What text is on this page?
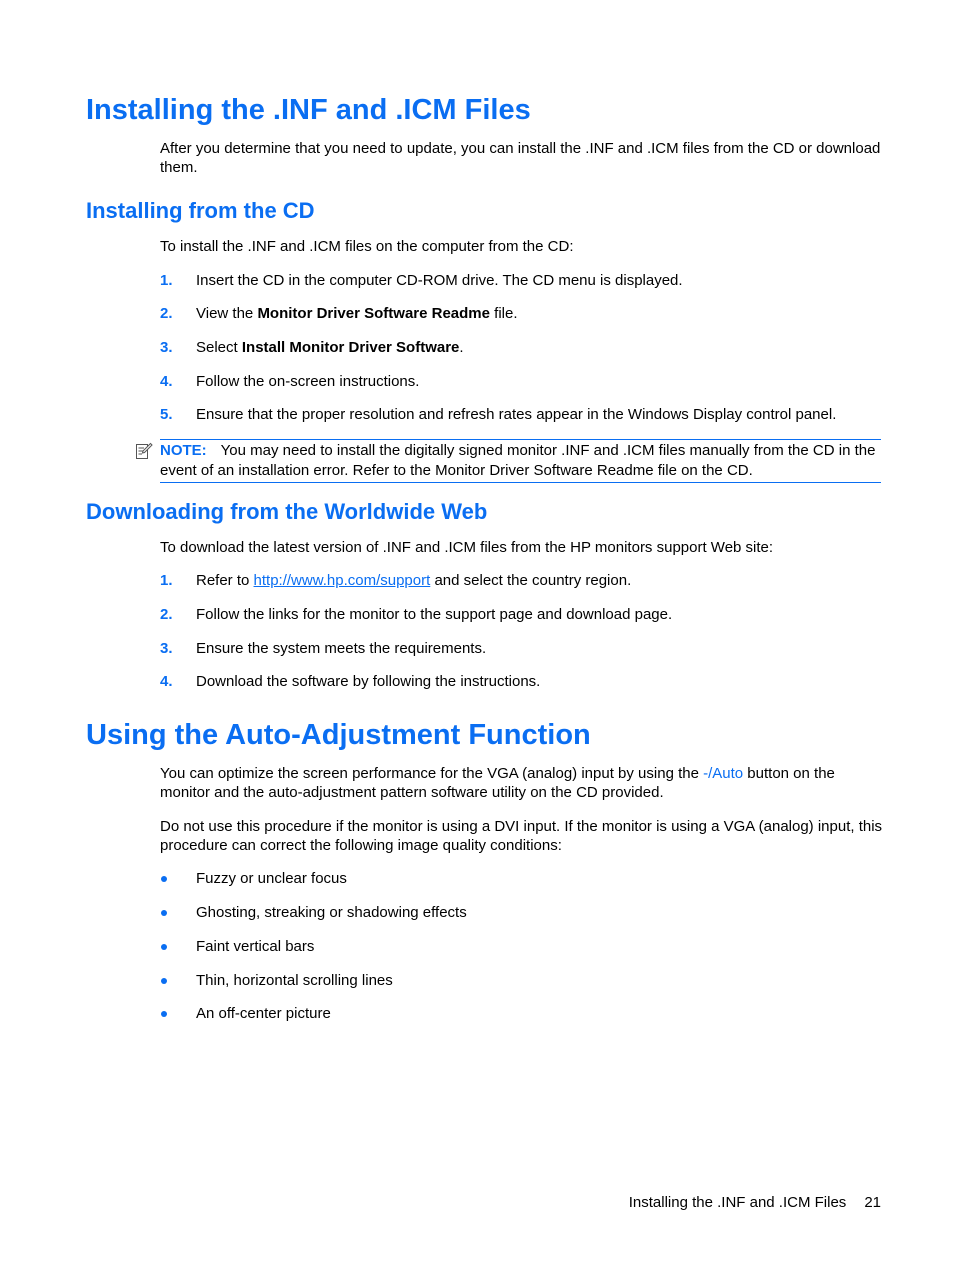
Installing the .INF and .ICM Files

After you determine that you need to update, you can install the .INF and .ICM files from the CD or download them.

Installing from the CD

To install the .INF and .ICM files on the computer from the CD:

1. Insert the CD in the computer CD-ROM drive. The CD menu is displayed.
2. View the Monitor Driver Software Readme file.
3. Select Install Monitor Driver Software.
4. Follow the on-screen instructions.
5. Ensure that the proper resolution and refresh rates appear in the Windows Display control panel.
NOTE: You may need to install the digitally signed monitor .INF and .ICM files manually from the CD in the event of an installation error. Refer to the Monitor Driver Software Readme file on the CD.
Downloading from the Worldwide Web

To download the latest version of .INF and .ICM files from the HP monitors support Web site:

1. Refer to http://www.hp.com/support and select the country region.
2. Follow the links for the monitor to the support page and download page.
3. Ensure the system meets the requirements.
4. Download the software by following the instructions.
Using the Auto-Adjustment Function

You can optimize the screen performance for the VGA (analog) input by using the -/Auto button on the monitor and the auto-adjustment pattern software utility on the CD provided.

Do not use this procedure if the monitor is using a DVI input. If the monitor is using a VGA (analog) input, this procedure can correct the following image quality conditions:

Fuzzy or unclear focus
Ghosting, streaking or shadowing effects
Faint vertical bars
Thin, horizontal scrolling lines
An off-center picture
Installing the .INF and .ICM Files 21
